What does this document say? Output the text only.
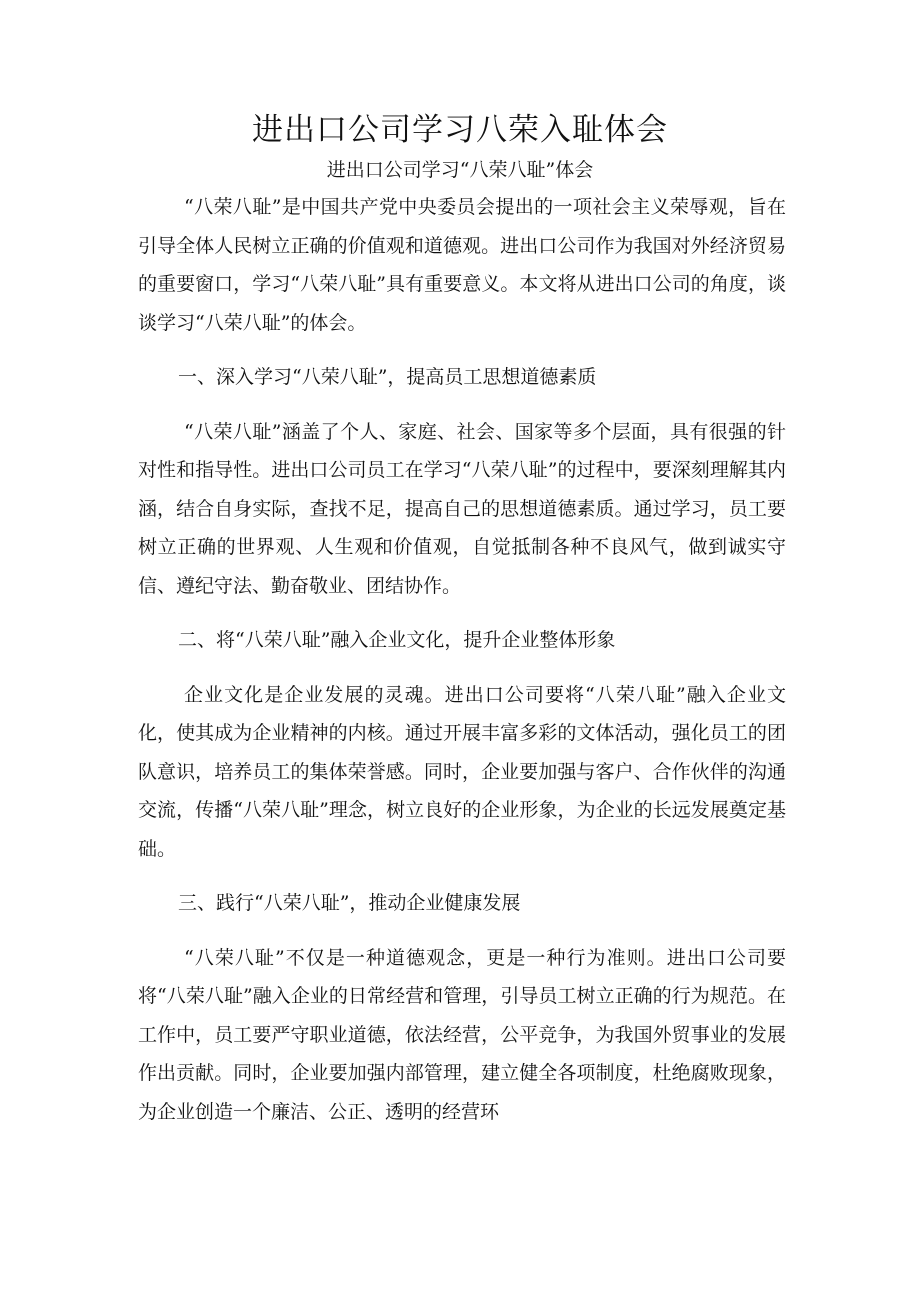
进出口公司学习八荣入耻体会
进出口公司学习“八荣八耻”体会

“八荣八耻”是中国共产党中央委员会提出的一项社会主义荣辱观，旨在引导全体人民树立正确的价值观和道德观。进出口公司作为我国对外经济贸易的重要窗口，学习“八荣八耻”具有重要意义。本文将从进出口公司的角度，谈谈学习“八荣八耻”的体会。

一、深入学习“八荣八耻”，提高员工思想道德素质

“八荣八耻”涵盖了个人、家庭、社会、国家等多个层面，具有很强的针对性和指导性。进出口公司员工在学习“八荣八耻”的过程中，要深刻理解其内涵，结合自身实际，查找不足，提高自己的思想道德素质。通过学习，员工要树立正确的世界观、人生观和价值观，自觉抵制各种不良风气，做到诚实守信、遵纪守法、勤奋敬业、团结协作。

二、将“八荣八耻”融入企业文化，提升企业整体形象

企业文化是企业发展的灵魂。进出口公司要将“八荣八耻”融入企业文化，使其成为企业精神的内核。通过开展丰富多彩的文体活动，强化员工的团队意识，培养员工的集体荣誉感。同时，企业要加强与客户、合作伙伴的沟通交流，传播“八荣八耻”理念，树立良好的企业形象，为企业的长远发展奠定基础。

三、践行“八荣八耻”，推动企业健康发展

“八荣八耻”不仅是一种道德观念，更是一种行为准则。进出口公司要将“八荣八耻”融入企业的日常经营和管理，引导员工树立正确的行为规范。在工作中，员工要严守职业道德，依法经营，公平竞争，为我国外贸事业的发展作出贡献。同时，企业要加强内部管理，建立健全各项制度，杜绝腐败现象，为企业创造一个廉洁、公正、透明的经营环
